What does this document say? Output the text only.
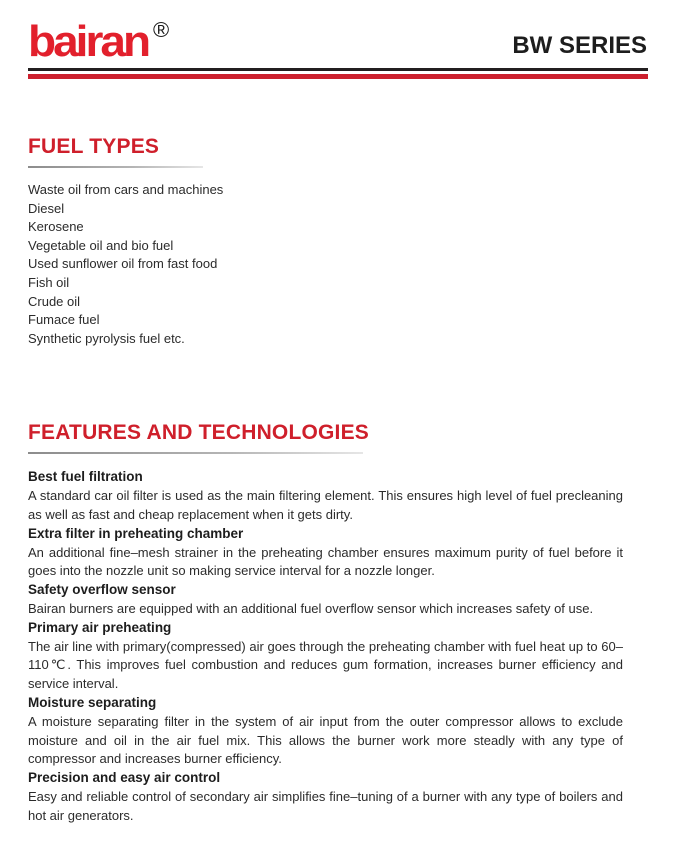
bairan ®
BW SERIES
FUEL TYPES
Waste oil from cars and machines
Diesel
Kerosene
Vegetable oil and bio fuel
Used sunflower oil from fast food
Fish oil
Crude oil
Fumace fuel
Synthetic pyrolysis fuel etc.
FEATURES AND TECHNOLOGIES
Best fuel filtration

A standard car oil filter is used as the main filtering element. This ensures high level of fuel precleaning as well as fast and cheap replacement when it gets dirty.

Extra filter in preheating chamber

An additional fine–mesh strainer in the preheating chamber ensures maximum purity of fuel before it goes into the nozzle unit so making service interval for a nozzle longer.

Safety overflow sensor

Bairan burners are equipped with an additional fuel overflow sensor which increases safety of use.

Primary air preheating

The air line with primary(compressed) air goes through the preheating chamber with fuel heat up to 60–110℃. This improves fuel combustion and reduces gum formation, increases burner efficiency and service interval.

Moisture separating

A moisture separating filter in the system of air input from the outer compressor allows to exclude moisture and oil in the air fuel mix. This allows the burner work more steadly with any type of compressor and increases burner efficiency.

Precision and easy air control

Easy and reliable control of secondary air simplifies fine–tuning of a burner with any type of boilers and hot air generators.
